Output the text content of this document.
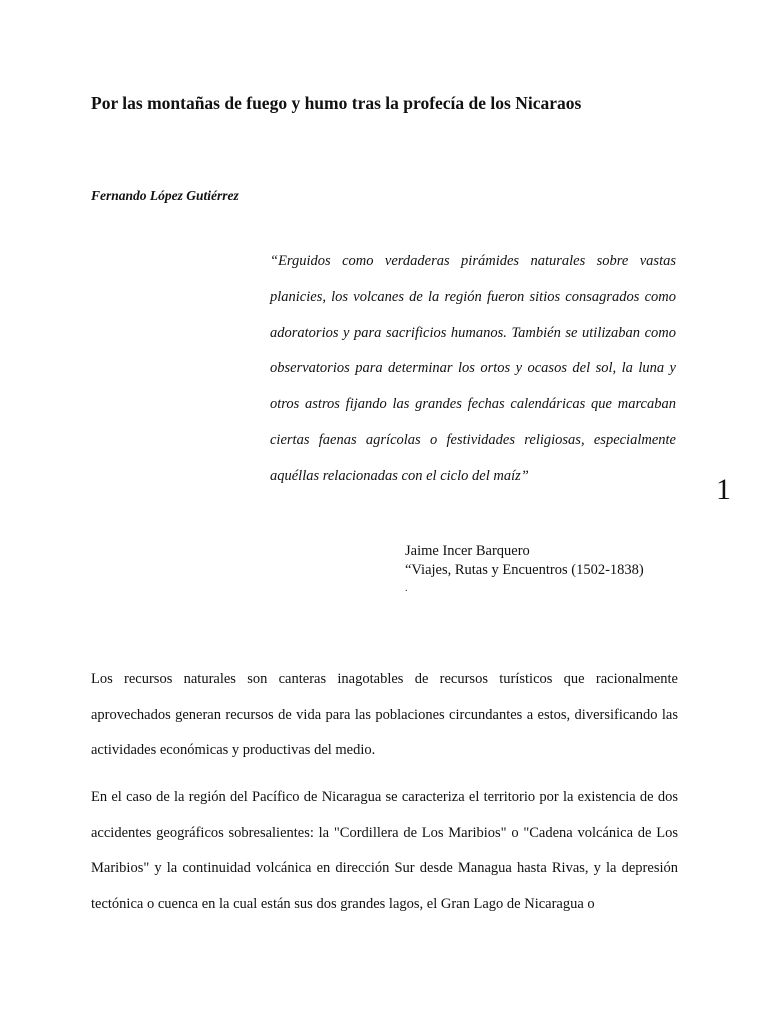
Por las montañas de fuego y humo tras la profecía de los Nicaraos

Fernando López Gutiérrez

“Erguidos como verdaderas pirámides naturales sobre vastas planicies, los volcanes de la región fueron sitios consagrados como adoratorios y para sacrificios humanos. También se utilizaban como observatorios para determinar los ortos y ocasos del sol, la luna y otros astros fijando las grandes fechas calendáricas que marcaban ciertas faenas agrícolas o festividades religiosas, especialmente aquéllas relacionadas con el ciclo del maíz”	1
Jaime Incer Barquero
“Viajes, Rutas y Encuentros (1502-1838)
.

Los recursos naturales son canteras inagotables de recursos turísticos que racionalmente aprovechados generan recursos de vida para las poblaciones circundantes a estos, diversificando las actividades económicas y productivas del medio.

En el caso de la región del Pacífico de Nicaragua se caracteriza el territorio por la existencia de dos accidentes geográficos sobresalientes: la "Cordillera de Los Maribios" o "Cadena volcánica de Los Maribios" y la continuidad volcánica en dirección Sur desde Managua hasta Rivas, y la depresión tectónica o cuenca en la cual están sus dos grandes lagos, el Gran Lago de Nicaragua o
